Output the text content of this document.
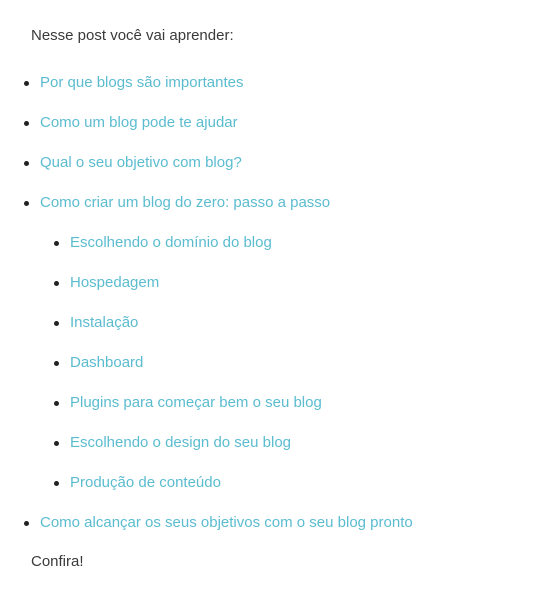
Nesse post você vai aprender:

Por que blogs são importantes
Como um blog pode te ajudar
Qual o seu objetivo com blog?
Como criar um blog do zero: passo a passo
Escolhendo o domínio do blog
Hospedagem
Instalação
Dashboard
Plugins para começar bem o seu blog
Escolhendo o design do seu blog
Produção de conteúdo
Como alcançar os seus objetivos com o seu blog pronto

Confira!
